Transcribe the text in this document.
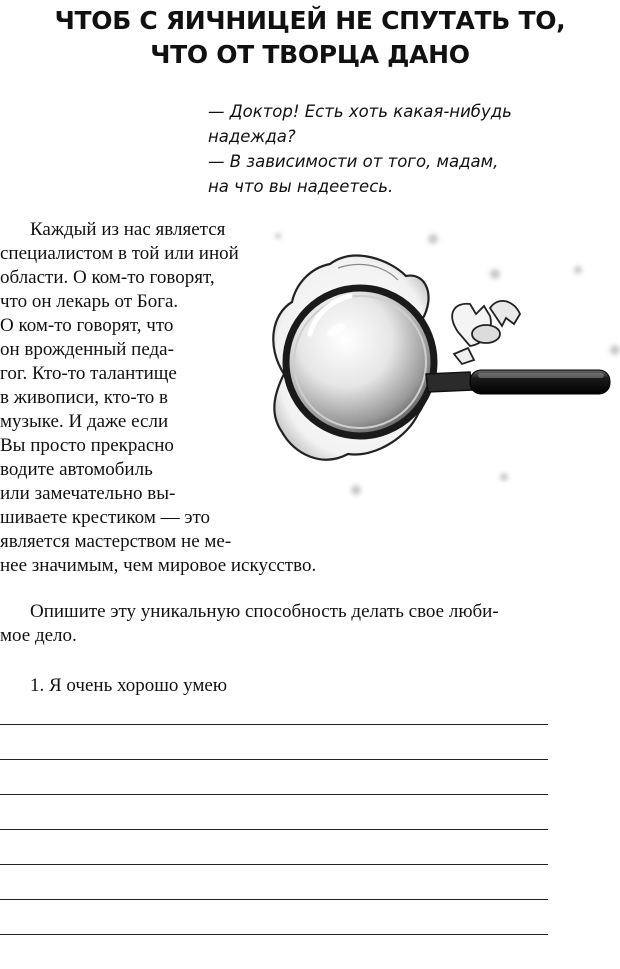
ЧТОБ С ЯИЧНИЦЕЙ НЕ СПУТАТЬ ТО,
ЧТО ОТ ТВОРЦА ДАНО
— Доктор! Есть хоть какая-нибудь
надежда?
— В зависимости от того, мадам,
на что вы надеетесь.
Каждый из нас является
специалистом в той или иной
области. О ком-то говорят,
что он лекарь от Бога.
О ком-то говорят, что
он врожденный педа-
гог. Кто-то талантище
в живописи, кто-то в
музыке. И даже если
Вы просто прекрасно
водите автомобиль
или замечательно вы-
шиваете крестиком — это
является мастерством не ме-
нее значимым, чем мировое искусство.
Опишите эту уникальную способность делать свое люби-
мое дело.
1. Я очень хорошо умею
